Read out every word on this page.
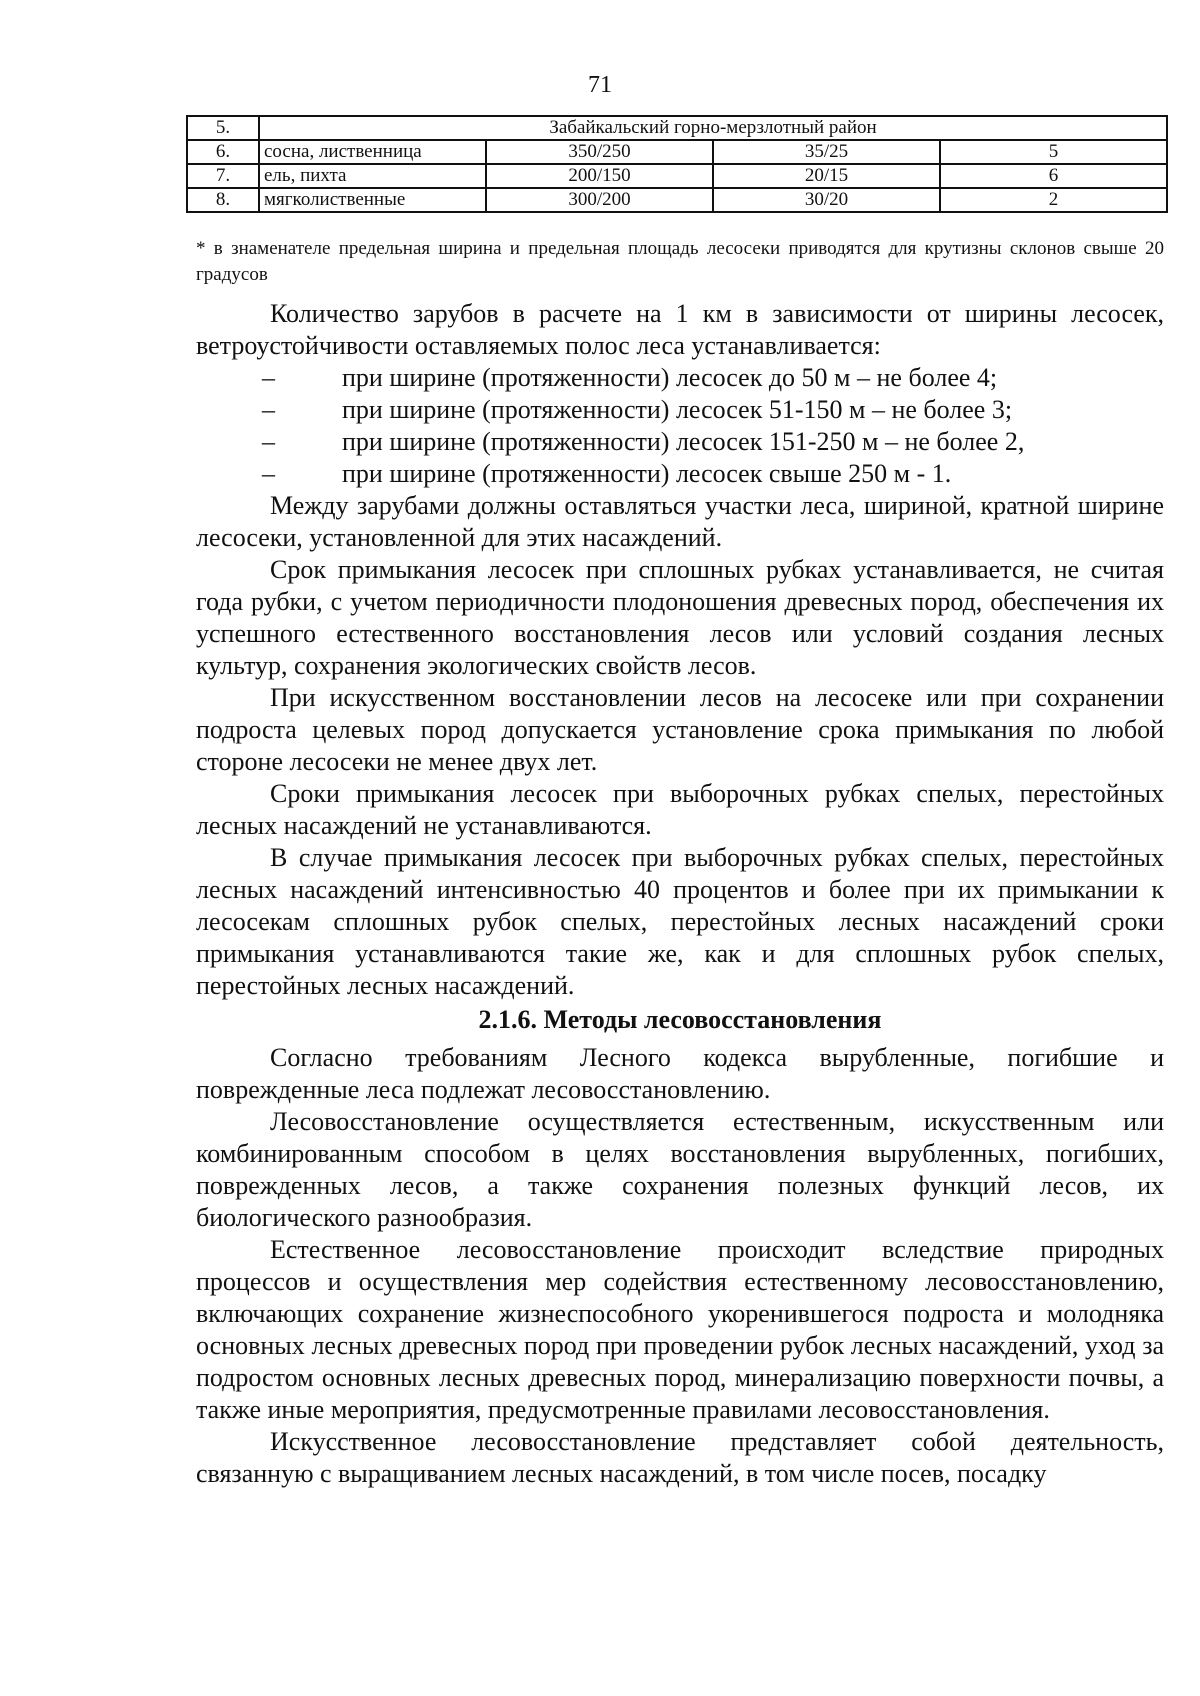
71
5.	Забайкальский горно-мерзлотный район			
6.	сосна, лиственница	350/250	35/25	5
7.	ель, пихта	200/150	20/15	6
8.	мягколиственные	300/200	30/20	2
* в знаменателе предельная ширина и предельная площадь лесосеки приводятся для крутизны склонов свыше 20 градусов

Количество зарубов в расчете на 1 км в зависимости от ширины лесосек, ветроустойчивости оставляемых полос леса устанавливается:

–	при ширине (протяженности) лесосек до 50 м – не более 4;
–	при ширине (протяженности) лесосек 51-150 м – не более 3;
–	при ширине (протяженности) лесосек 151-250 м – не более 2,
–	при ширине (протяженности) лесосек свыше 250 м - 1.

Между зарубами должны оставляться участки леса, шириной, кратной ширине лесосеки, установленной для этих насаждений.

Срок примыкания лесосек при сплошных рубках устанавливается, не считая года рубки, с учетом периодичности плодоношения древесных пород, обеспечения их успешного естественного восстановления лесов или условий создания лесных культур, сохранения экологических свойств лесов.

При искусственном восстановлении лесов на лесосеке или при сохранении подроста целевых пород допускается установление срока примыкания по любой стороне лесосеки не менее двух лет.

Сроки примыкания лесосек при выборочных рубках спелых, перестойных лесных насаждений не устанавливаются.

В случае примыкания лесосек при выборочных рубках спелых, перестойных лесных насаждений интенсивностью 40 процентов и более при их примыкании к лесосекам сплошных рубок спелых, перестойных лесных насаждений сроки примыкания устанавливаются такие же, как и для сплошных рубок спелых, перестойных лесных насаждений.

2.1.6. Методы лесовосстановления

Согласно требованиям Лесного кодекса вырубленные, погибшие и поврежденные леса подлежат лесовосстановлению.

Лесовосстановление осуществляется естественным, искусственным или комбинированным способом в целях восстановления вырубленных, погибших, поврежденных лесов, а также сохранения полезных функций лесов, их биологического разнообразия.

Естественное лесовосстановление происходит вследствие природных процессов и осуществления мер содействия естественному лесовосстановлению, включающих сохранение жизнеспособного укоренившегося подроста и молодняка основных лесных древесных пород при проведении рубок лесных насаждений, уход за подростом основных лесных древесных пород, минерализацию поверхности почвы, а также иные мероприятия, предусмотренные правилами лесовосстановления.

Искусственное лесовосстановление представляет собой деятельность, связанную с выращиванием лесных насаждений, в том числе посев, посадку
